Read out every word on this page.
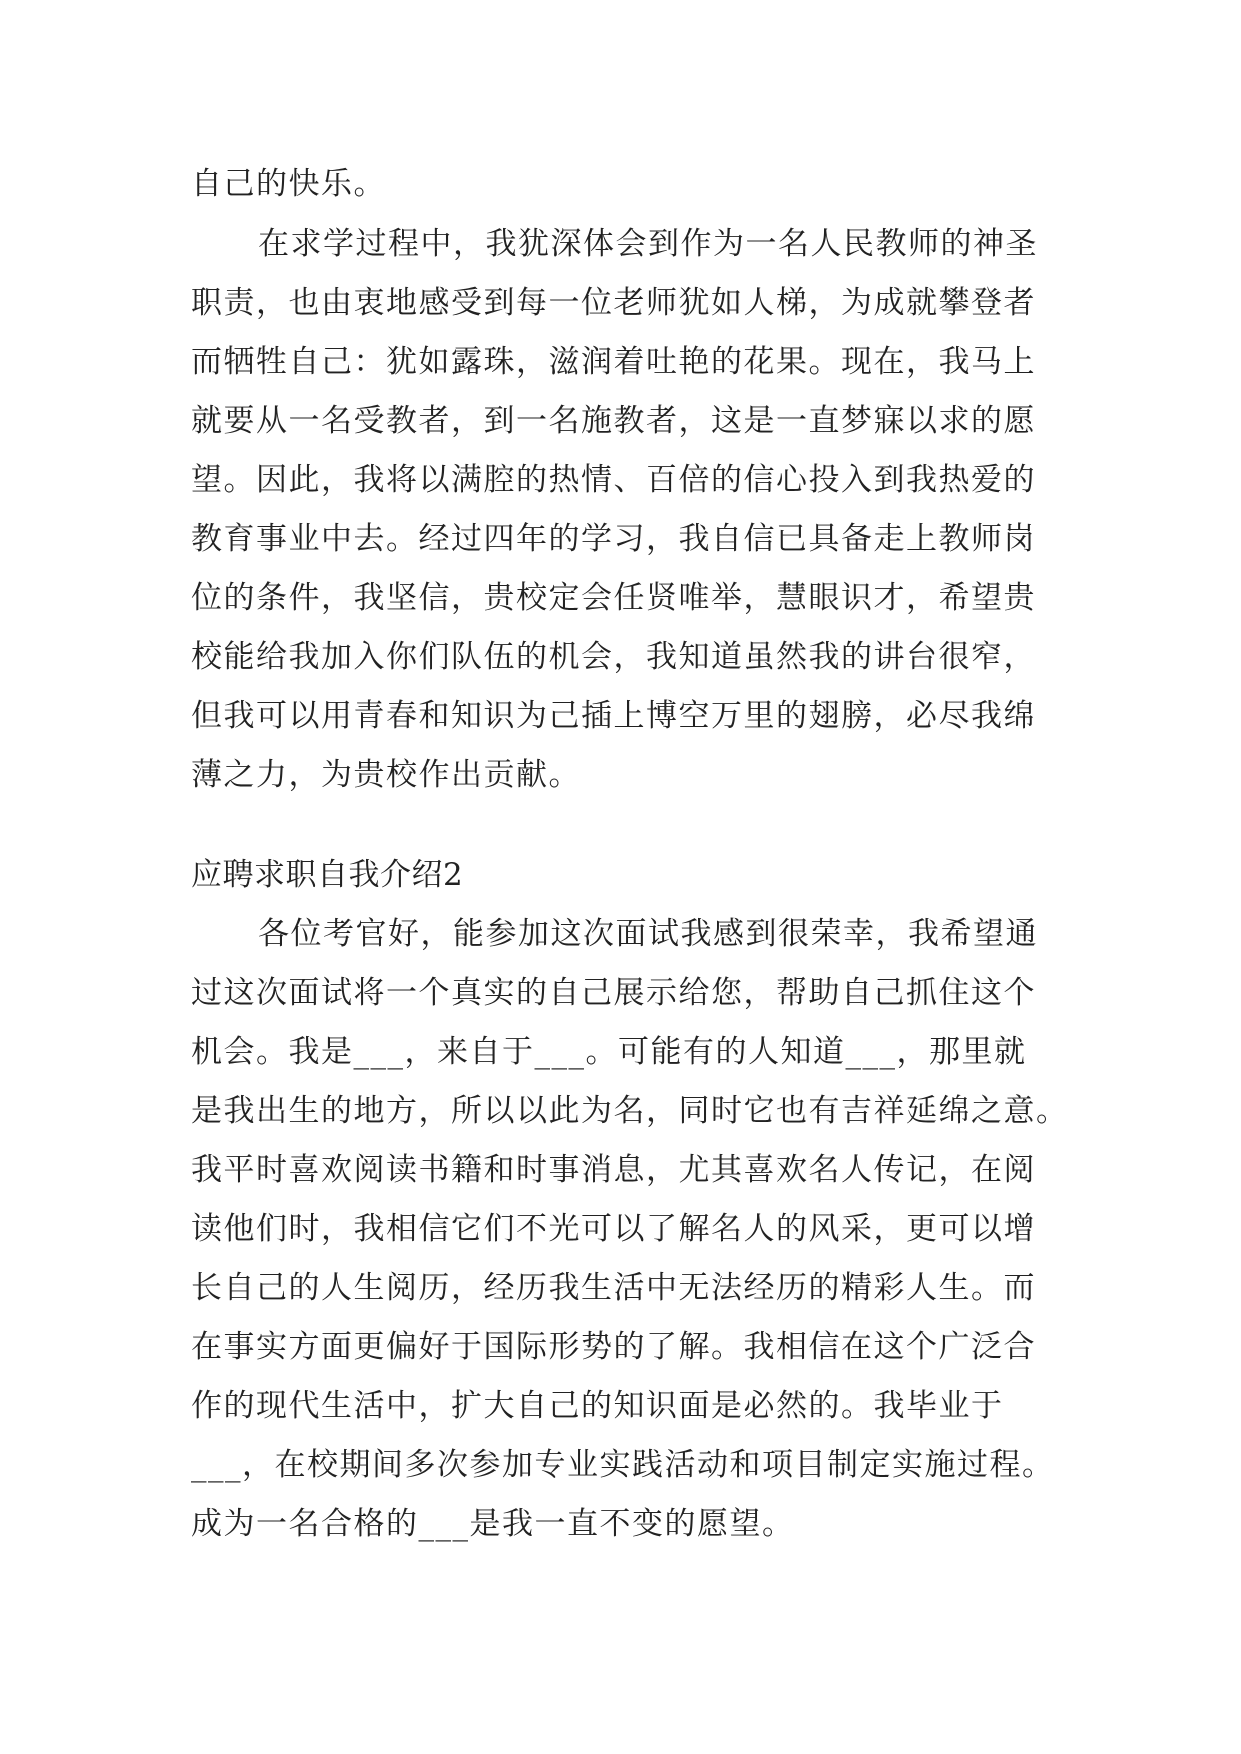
自己的快乐。
在求学过程中，我犹深体会到作为一名人民教师的神圣
职责，也由衷地感受到每一位老师犹如人梯，为成就攀登者
而牺牲自己：犹如露珠，滋润着吐艳的花果。现在，我马上
就要从一名受教者，到一名施教者，这是一直梦寐以求的愿
望。因此，我将以满腔的热情、百倍的信心投入到我热爱的
教育事业中去。经过四年的学习，我自信已具备走上教师岗
位的条件，我坚信，贵校定会任贤唯举，慧眼识才，希望贵
校能给我加入你们队伍的机会，我知道虽然我的讲台很窄，
但我可以用青春和知识为己插上博空万里的翅膀，必尽我绵
薄之力，为贵校作出贡献。
应聘求职自我介绍2
各位考官好，能参加这次面试我感到很荣幸，我希望通
过这次面试将一个真实的自己展示给您，帮助自己抓住这个
机会。我是___，来自于___。可能有的人知道___，那里就
是我出生的地方，所以以此为名，同时它也有吉祥延绵之意。
我平时喜欢阅读书籍和时事消息，尤其喜欢名人传记，在阅
读他们时，我相信它们不光可以了解名人的风采，更可以增
长自己的人生阅历，经历我生活中无法经历的精彩人生。而
在事实方面更偏好于国际形势的了解。我相信在这个广泛合
作的现代生活中，扩大自己的知识面是必然的。我毕业于
___，在校期间多次参加专业实践活动和项目制定实施过程。
成为一名合格的___是我一直不变的愿望。
